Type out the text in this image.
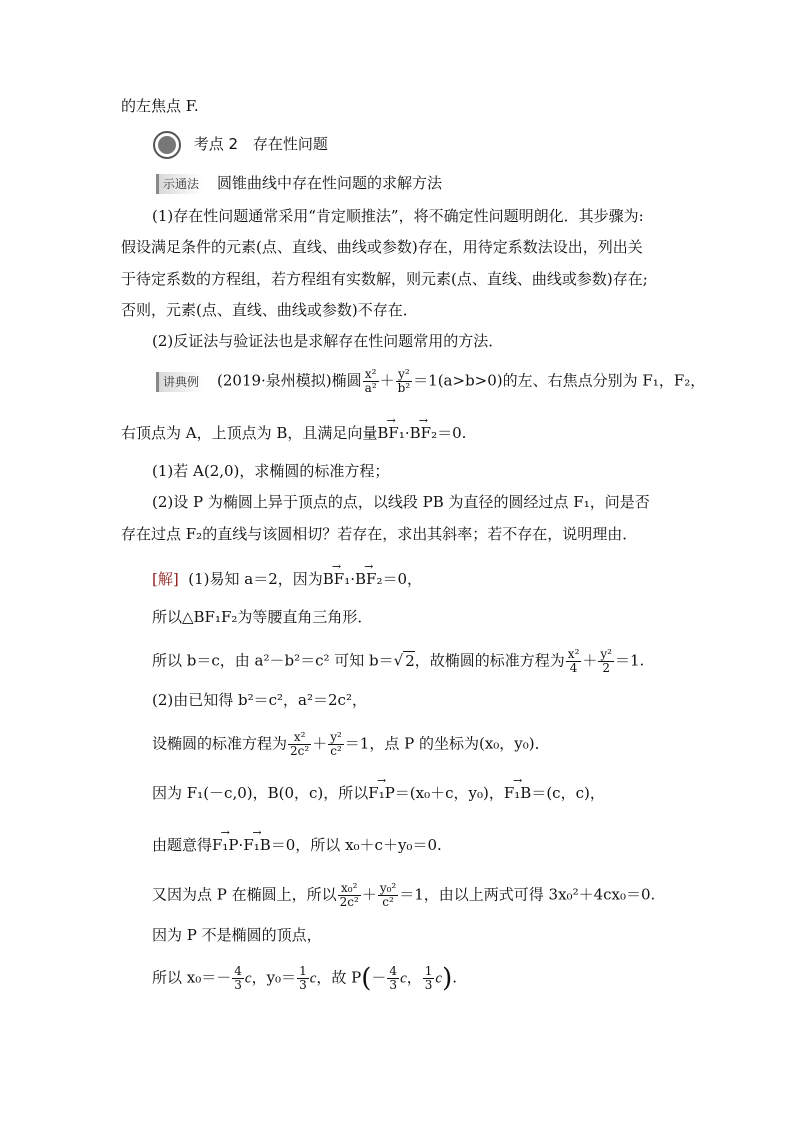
的左焦点 F.
考点 2 存在性问题
示通法 圆锥曲线中存在性问题的求解方法
(1)存在性问题通常采用“肯定顺推法”，将不确定性问题明朗化．其步骤为:
假设满足条件的元素(点、直线、曲线或参数)存在，用待定系数法设出，列出关
于待定系数的方程组，若方程组有实数解，则元素(点、直线、曲线或参数)存在;
否则，元素(点、直线、曲线或参数)不存在．
(2)反证法与验证法也是求解存在性问题常用的方法．
讲典例 (2019·泉州模拟)椭圆 $\frac{\text{x²}}{\text{a²}} + \frac{\text{y²}}{\text{b²}} =1(a>b>0)$的左、右焦点分别为 F₁，F₂，
右顶点为 A，上顶点为 B，且满足向量→ BF₁·→ BF₂＝0.
(1)若 A(2,0)，求椭圆的标准方程；
(2)设 P 为椭圆上异于顶点的点，以线段 PB 为直径的圆经过点 F₁，问是否
存在过点 F₂的直线与该圆相切？若存在，求出其斜率；若不存在，说明理由．
[解] (1)易知 a＝2，因为→ BF₁·→ BF₂＝0，
所以△BF₁F₂为等腰直角三角形．
所以 b＝c，由 a²－b²＝c² 可知 b＝√ 2，故椭圆的标准方程为 $\frac{\text{x²}}{4} + \frac{\text{y²}}{2} =1$.
(2)由已知得 b²＝c²，a²＝2c²，
设椭圆的标准方程为 $\frac{\text{x²}}{\text{2c²}} + \frac{\text{y²}}{\text{c²}} =1$，点 P 的坐标为(x₀，y₀)．
因为 F₁(－c,0)，B(0，c)，所以→ F₁P＝(x₀＋c，y₀)，→ F₁B＝(c，c)，
由题意得→ F₁P·→ F₁B＝0，所以 x₀＋c＋y₀＝0.
又因为点 P 在椭圆上，所以 $\frac{\text{x₀²}}{\text{2c²}} + \frac{\text{y₀²}}{\text{c²}} =1$，由以上两式可得 3x₀²＋4cx₀＝0.
因为 P 不是椭圆的顶点，
所以 $x_0=- \frac{4}{3}$ c，$y_0= \frac{1}{3}$ c，故 $P(- \frac{4}{3}$ c， $\frac{1}{3} c$).
